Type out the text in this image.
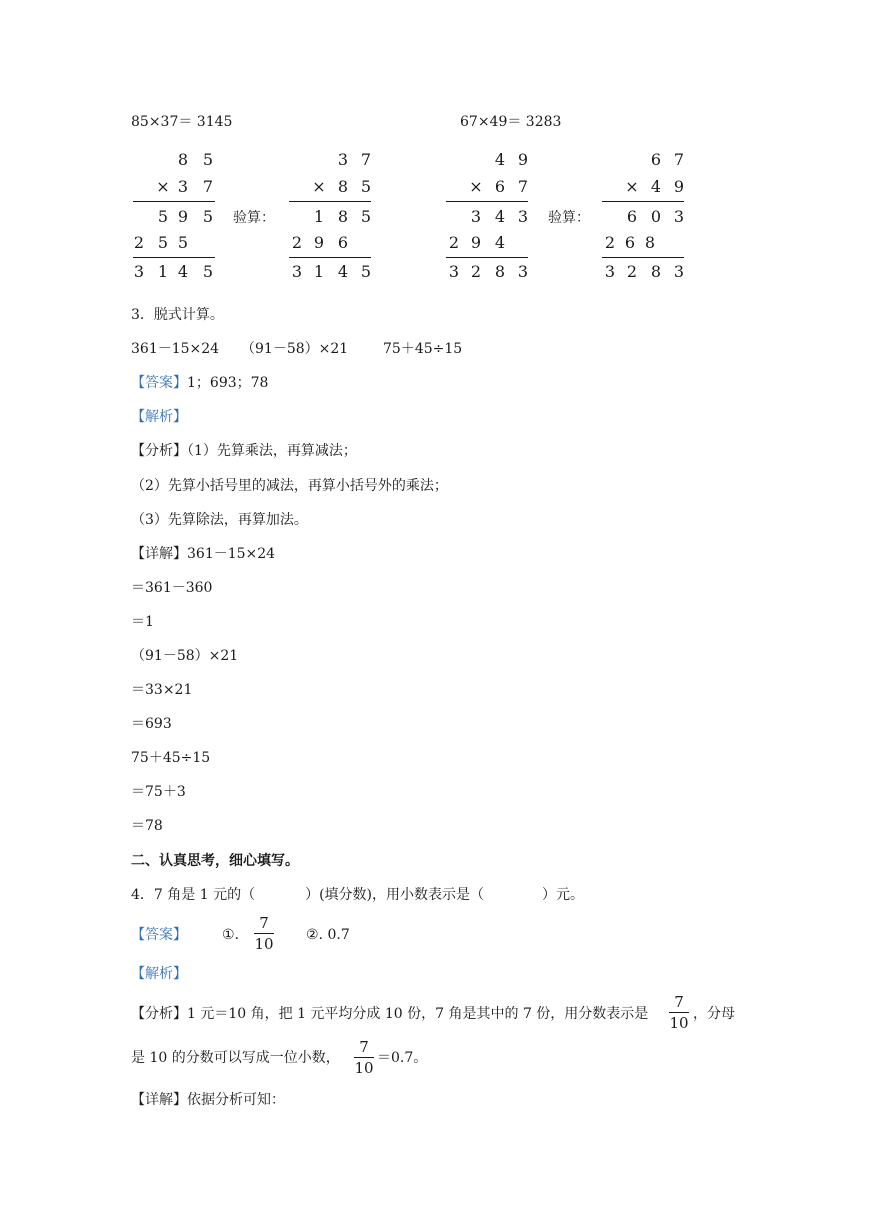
85×37＝ 3145	67×49＝ 3283
8 5
× 3 7
5 9 5
2 5 5
3 1 4 5
验算：
3 7
× 8 5
1 8 5
2 9 6
3 1 4 5
4 9
× 6 7
3 4 3
2 9 4
3 2 8 3
验算：
6 7
× 4 9
6 0 3
2 6 8
3 2 8 3
3．脱式计算。
361－15×24 （91－58）×21 75＋45÷15
【答案】1；693；78
【解析】
【分析】（1）先算乘法，再算减法；
（2）先算小括号里的减法，再算小括号外的乘法；
（3）先算除法，再算加法。
【详解】361－15×24
＝361－360
＝1
（91－58）×21
＝33×21
＝693
75＋45÷15
＝75＋3
＝78
二、认真思考，细心填写。
4．7 角是 1 元的（	）(填分数)，用小数表示是（	）元。
【答案】	①.
7
10 ②. 0.7
【解析】
【分析】1 元＝10 角，把 1 元平均分成 10 份，7 角是其中的 7 份，用分数表示是
7
10 ，分母
是 10 的分数可以写成一位小数，
7
10
＝0.7。
【详解】依据分析可知：
